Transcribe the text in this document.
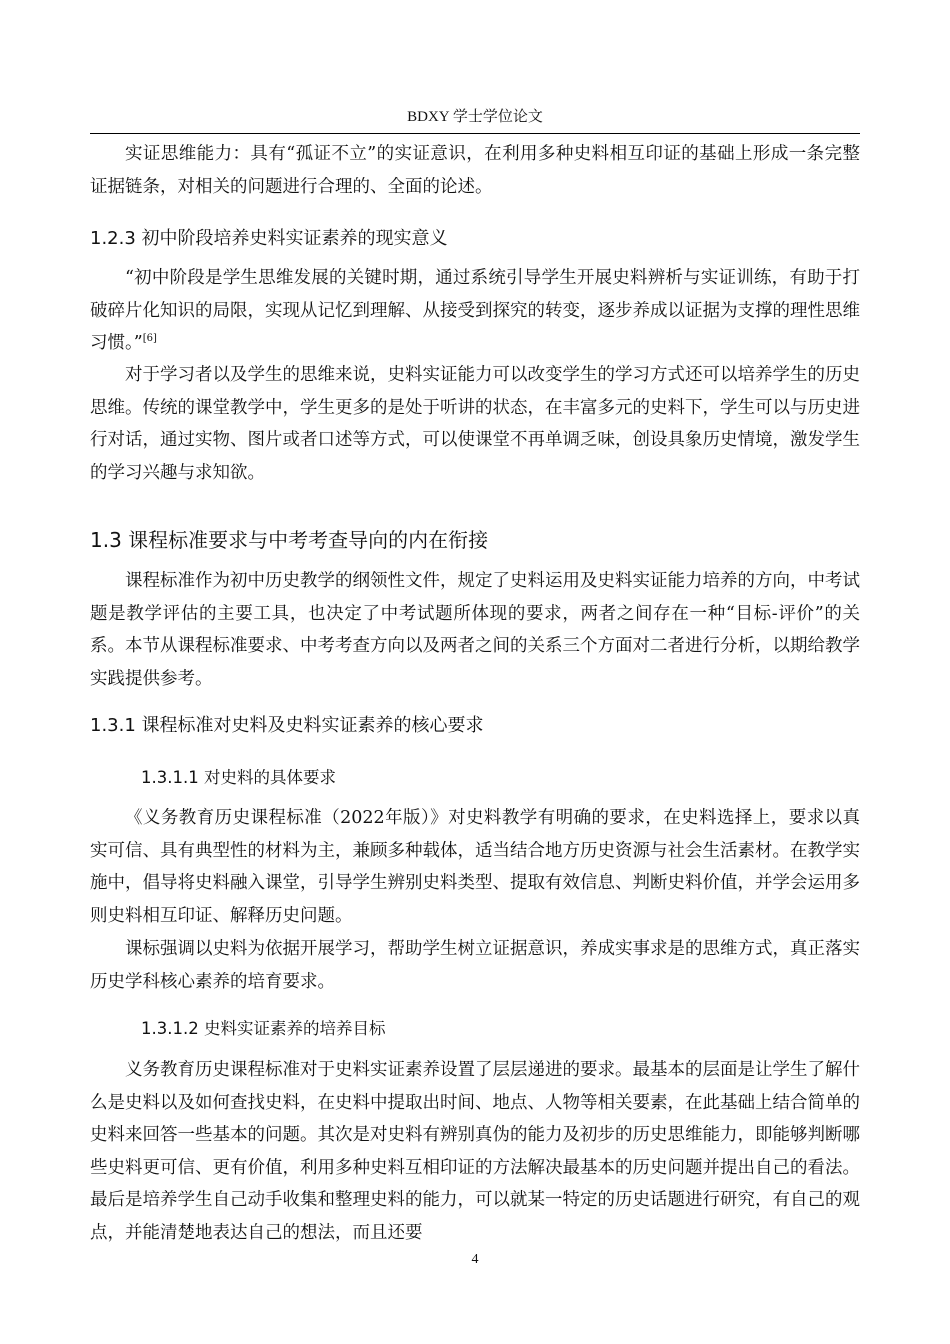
BDXY 学士学位论文
实证思维能力：具有“孤证不立”的实证意识，在利用多种史料相互印证的基础上形成一条完整证据链条，对相关的问题进行合理的、全面的论述。
1.2.3 初中阶段培养史料实证素养的现实意义
“初中阶段是学生思维发展的关键时期，通过系统引导学生开展史料辨析与实证训练，有助于打破碎片化知识的局限，实现从记忆到理解、从接受到探究的转变，逐步养成以证据为支撑的理性思维习惯。”[6]
对于学习者以及学生的思维来说，史料实证能力可以改变学生的学习方式还可以培养学生的历史思维。传统的课堂教学中，学生更多的是处于听讲的状态，在丰富多元的史料下，学生可以与历史进行对话，通过实物、图片或者口述等方式，可以使课堂不再单调乏味，创设具象历史情境，激发学生的学习兴趣与求知欲。
1.3 课程标准要求与中考考查导向的内在衔接
课程标准作为初中历史教学的纲领性文件，规定了史料运用及史料实证能力培养的方向，中考试题是教学评估的主要工具，也决定了中考试题所体现的要求，两者之间存在一种“目标-评价”的关系。本节从课程标准要求、中考考查方向以及两者之间的关系三个方面对二者进行分析，以期给教学实践提供参考。
1.3.1 课程标准对史料及史料实证素养的核心要求
1.3.1.1 对史料的具体要求
《义务教育历史课程标准（2022年版）》对史料教学有明确的要求，在史料选择上，要求以真实可信、具有典型性的材料为主，兼顾多种载体，适当结合地方历史资源与社会生活素材。在教学实施中，倡导将史料融入课堂，引导学生辨别史料类型、提取有效信息、判断史料价值，并学会运用多则史料相互印证、解释历史问题。
课标强调以史料为依据开展学习，帮助学生树立证据意识，养成实事求是的思维方式，真正落实历史学科核心素养的培育要求。
1.3.1.2 史料实证素养的培养目标
义务教育历史课程标准对于史料实证素养设置了层层递进的要求。最基本的层面是让学生了解什么是史料以及如何查找史料，在史料中提取出时间、地点、人物等相关要素，在此基础上结合简单的史料来回答一些基本的问题。其次是对史料有辨别真伪的能力及初步的历史思维能力，即能够判断哪些史料更可信、更有价值，利用多种史料互相印证的方法解决最基本的历史问题并提出自己的看法。最后是培养学生自己动手收集和整理史料的能力，可以就某一特定的历史话题进行研究，有自己的观点，并能清楚地表达自己的想法，而且还要
4
